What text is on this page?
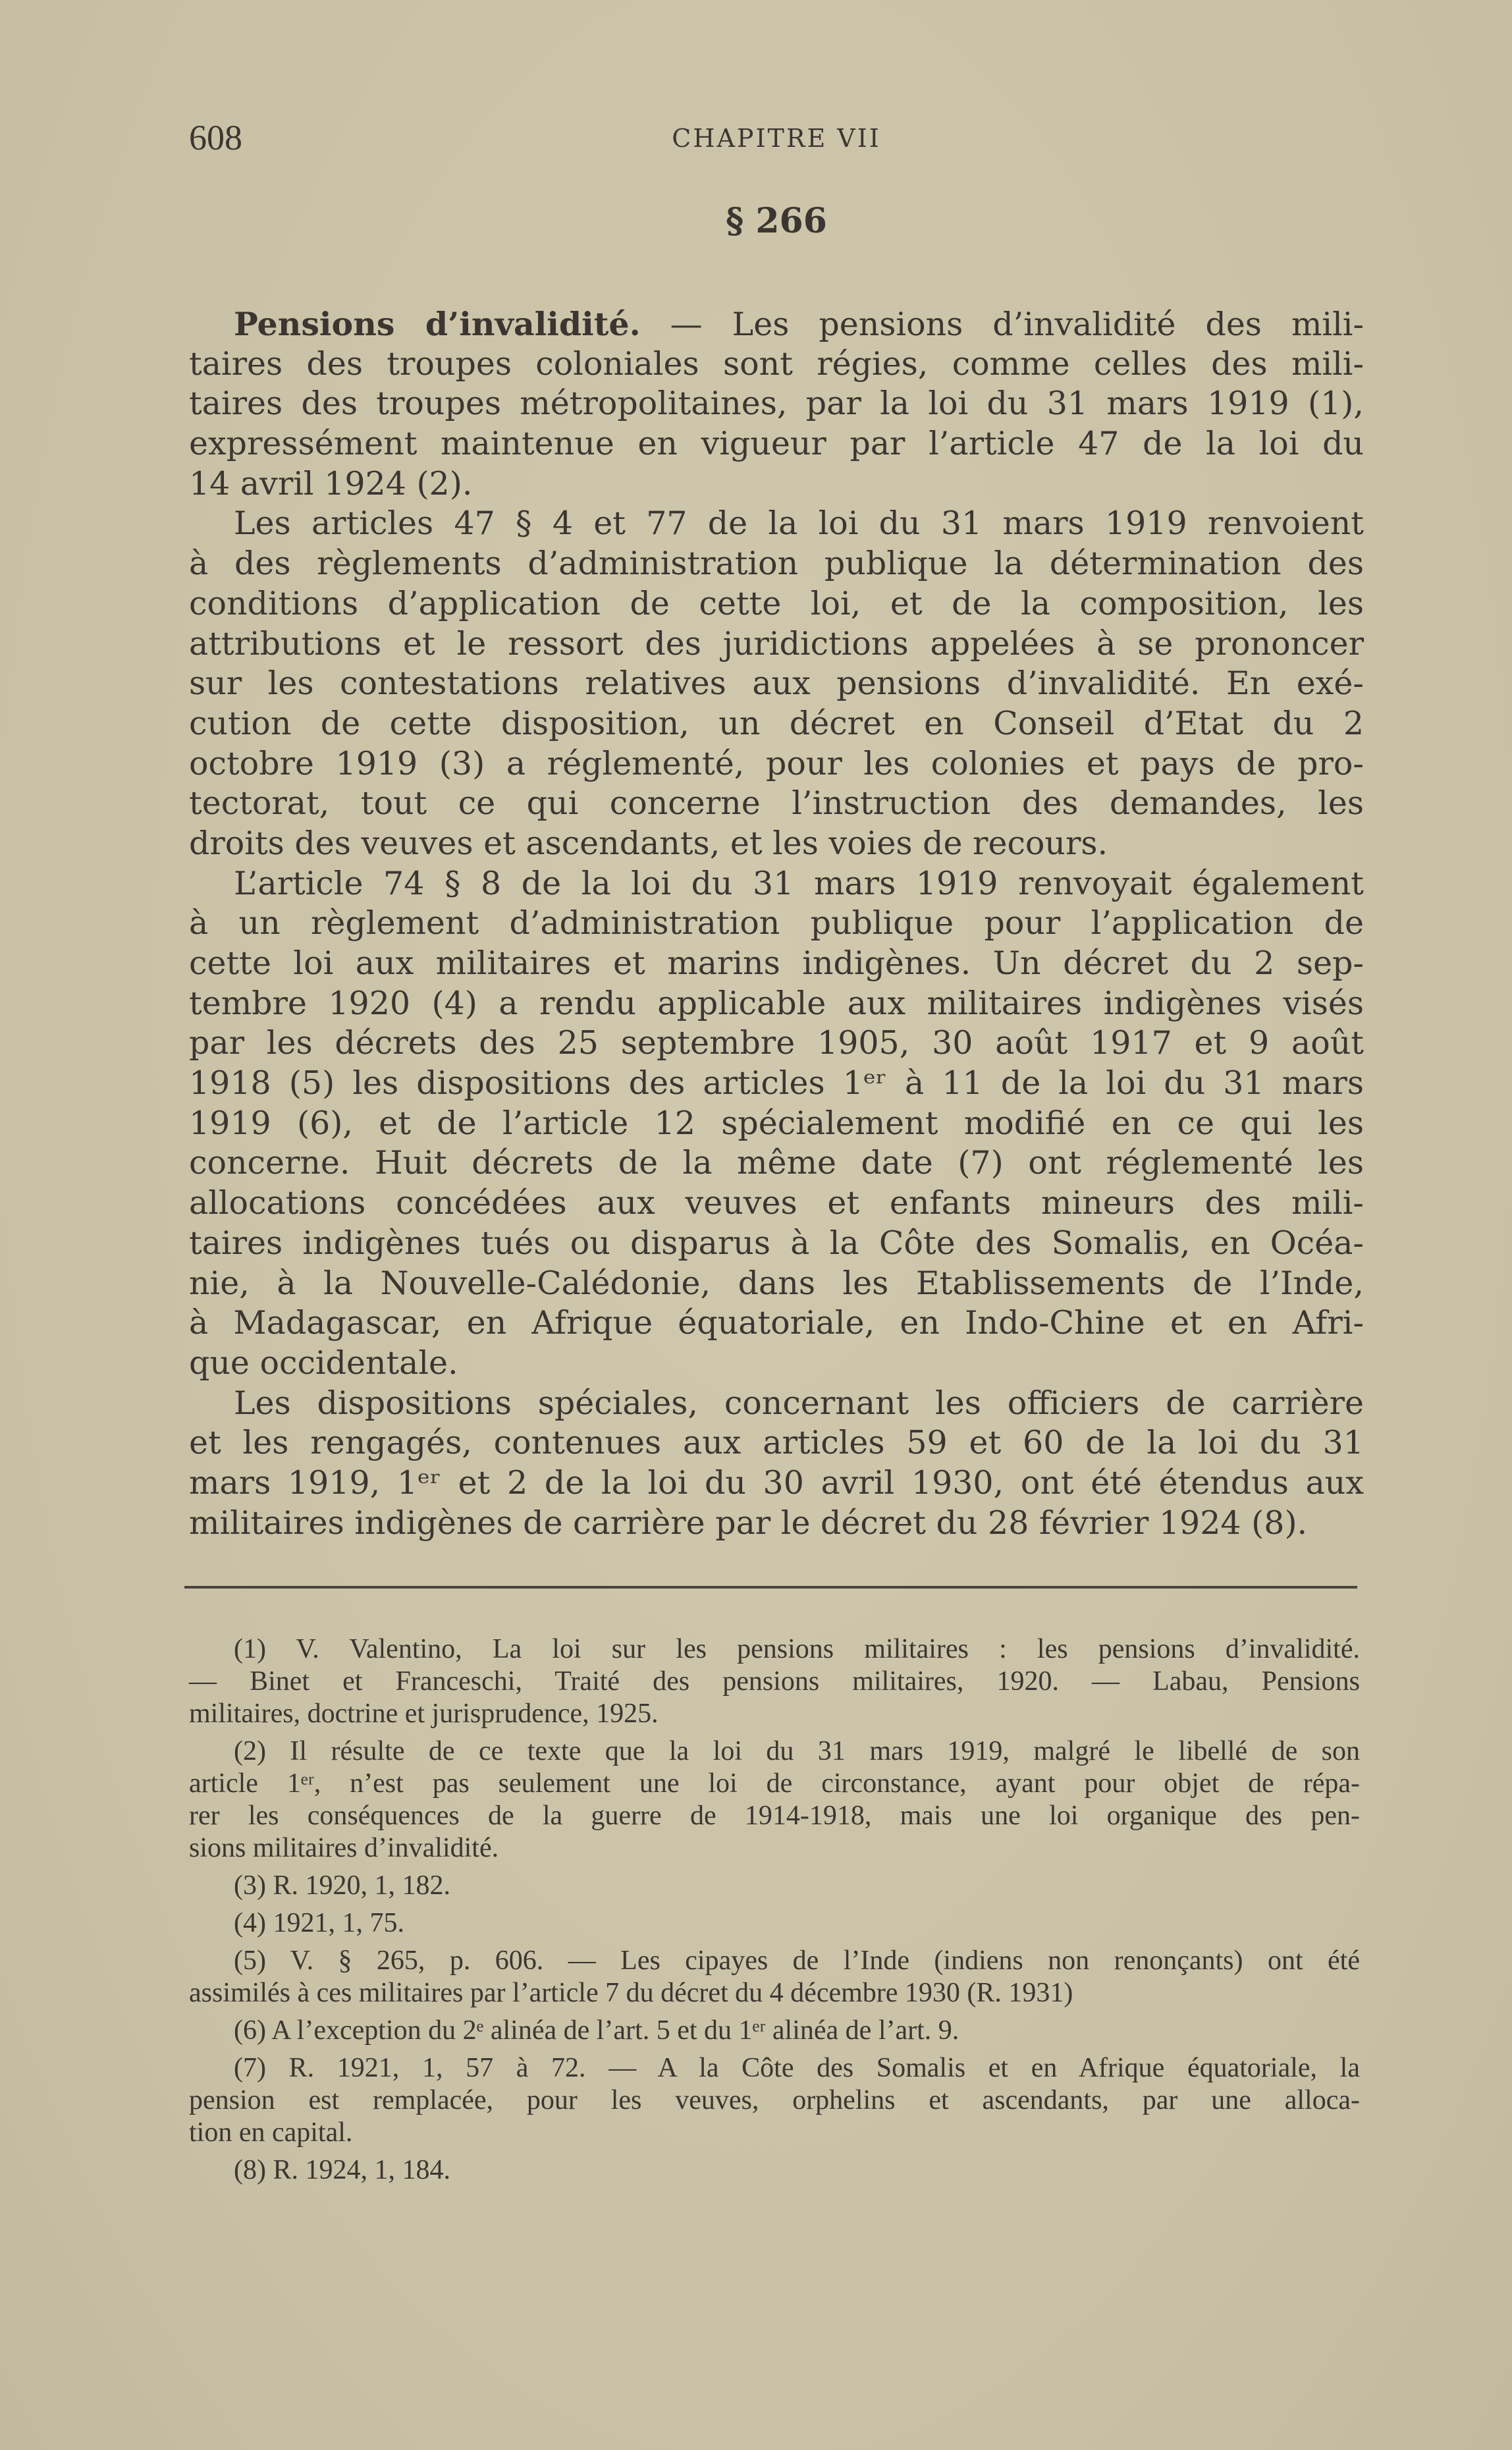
608	CHAPITRE VII
§ 266
Pensions d’invalidité. — Les pensions d’invalidité des mili-
taires des troupes coloniales sont régies, comme celles des mili-
taires des troupes métropolitaines, par la loi du 31 mars 1919 (1),
expressément maintenue en vigueur par l’article 47 de la loi du
14 avril 1924 (2).
Les articles 47 § 4 et 77 de la loi du 31 mars 1919 renvoient
à des règlements d’administration publique la détermination des
conditions d’application de cette loi, et de la composition, les
attributions et le ressort des juridictions appelées à se prononcer
sur les contestations relatives aux pensions d’invalidité. En exé-
cution de cette disposition, un décret en Conseil d’Etat du 2
octobre 1919 (3) a réglementé, pour les colonies et pays de pro-
tectorat, tout ce qui concerne l’instruction des demandes, les
droits des veuves et ascendants, et les voies de recours.
L’article 74 § 8 de la loi du 31 mars 1919 renvoyait également
à un règlement d’administration publique pour l’application de
cette loi aux militaires et marins indigènes. Un décret du 2 sep-
tembre 1920 (4) a rendu applicable aux militaires indigènes visés
par les décrets des 25 septembre 1905, 30 août 1917 et 9 août
1918 (5) les dispositions des articles 1ᵉʳ à 11 de la loi du 31 mars
1919 (6), et de l’article 12 spécialement modifié en ce qui les
concerne. Huit décrets de la même date (7) ont réglementé les
allocations concédées aux veuves et enfants mineurs des mili-
taires indigènes tués ou disparus à la Côte des Somalis, en Océa-
nie, à la Nouvelle-Calédonie, dans les Etablissements de l’Inde,
à Madagascar, en Afrique équatoriale, en Indo-Chine et en Afri-
que occidentale.
Les dispositions spéciales, concernant les officiers de carrière
et les rengagés, contenues aux articles 59 et 60 de la loi du 31
mars 1919, 1ᵉʳ et 2 de la loi du 30 avril 1930, ont été étendus aux
militaires indigènes de carrière par le décret du 28 février 1924 (8).
(1) V. Valentino, La loi sur les pensions militaires : les pensions d’invalidité.
— Binet et Franceschi, Traité des pensions militaires, 1920. — Labau, Pensions
militaires, doctrine et jurisprudence, 1925.
(2) Il résulte de ce texte que la loi du 31 mars 1919, malgré le libellé de son
article 1ᵉʳ, n’est pas seulement une loi de circonstance, ayant pour objet de répa-
rer les conséquences de la guerre de 1914-1918, mais une loi organique des pen-
sions militaires d’invalidité.
(3) R. 1920, 1, 182.
(4) 1921, 1, 75.
(5) V. § 265, p. 606. — Les cipayes de l’Inde (indiens non renonçants) ont été
assimilés à ces militaires par l’article 7 du décret du 4 décembre 1930 (R. 1931)
(6) A l’exception du 2ᵉ alinéa de l’art. 5 et du 1ᵉʳ alinéa de l’art. 9.
(7) R. 1921, 1, 57 à 72. — A la Côte des Somalis et en Afrique équatoriale, la
pension est remplacée, pour les veuves, orphelins et ascendants, par une alloca-
tion en capital.
(8) R. 1924, 1, 184.
